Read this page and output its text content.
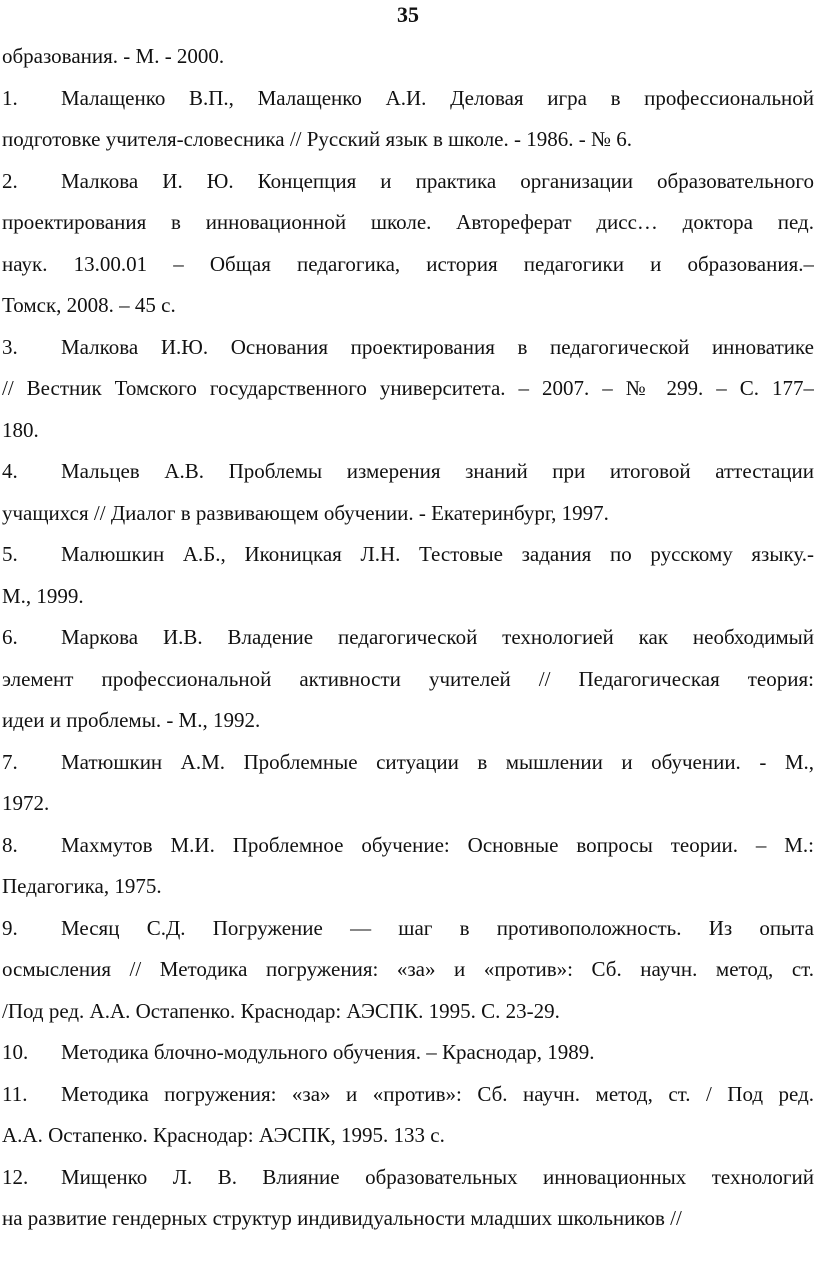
35
образования. - М. - 2000.
1. Малащенко В.П., Малащенко А.И. Деловая игра в профессиональной
подготовке учителя-словесника // Русский язык в школе. - 1986. - № 6.
2. Малкова И. Ю. Концепция и практика организации образовательного
проектирования в инновационной школе. Автореферат дисс… доктора пед.
наук. 13.00.01 – Общая педагогика, история педагогики и образования.–
Томск, 2008. – 45 с.
3. Малкова И.Ю. Основания проектирования в педагогической инноватике
// Вестник Томского государственного университета. – 2007. – № 299. – С. 177–
180.
4. Мальцев А.В. Проблемы измерения знаний при итоговой аттестации
учащихся // Диалог в развивающем обучении. - Екатеринбург, 1997.
5. Малюшкин А.Б., Иконицкая Л.Н. Тестовые задания по русскому языку.-
М., 1999.
6. Маркова И.В. Владение педагогической технологией как необходимый
элемент профессиональной активности учителей // Педагогическая теория:
идеи и проблемы. - М., 1992.
7. Матюшкин А.М. Проблемные ситуации в мышлении и обучении. - М.,
1972.
8. Махмутов М.И. Проблемное обучение: Основные вопросы теории. – М.:
Педагогика, 1975.
9. Месяц С.Д. Погружение — шаг в противоположность. Из опыта
осмысления // Методика погружения: «за» и «против»: Сб. научн. метод, ст.
/Под ред. А.А. Остапенко. Краснодар: АЭСПК. 1995. С. 23-29.
10. Методика блочно-модульного обучения. – Краснодар, 1989.
11. Методика погружения: «за» и «против»: Сб. научн. метод, ст. / Под ред.
А.А. Остапенко. Краснодар: АЭСПК, 1995. 133 с.
12. Мищенко Л. В. Влияние образовательных инновационных технологий
на развитие гендерных структур индивидуальности младших школьников //
